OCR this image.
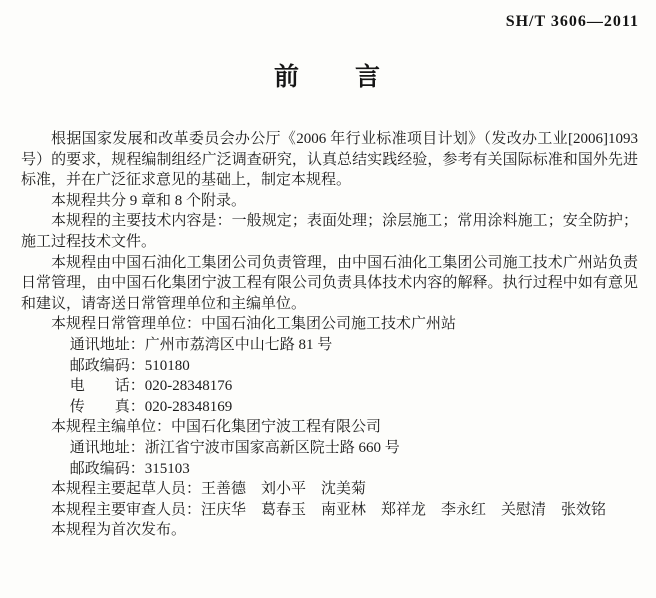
SH/T 3606—2011
前　　言

根据国家发展和改革委员会办公厅《2006 年行业标准项目计划》（发改办工业[2006]1093 号）的要求，规程编制组经广泛调查研究，认真总结实践经验，参考有关国际标准和国外先进标准，并在广泛征求意见的基础上，制定本规程。

本规程共分 9 章和 8 个附录。

本规程的主要技术内容是：一般规定；表面处理；涂层施工；常用涂料施工；安全防护；施工过程技术文件。

本规程由中国石油化工集团公司负责管理，由中国石油化工集团公司施工技术广州站负责日常管理，由中国石化集团宁波工程有限公司负责具体技术内容的解释。执行过程中如有意见和建议，请寄送日常管理单位和主编单位。

本规程日常管理单位：中国石油化工集团公司施工技术广州站

通讯地址：广州市荔湾区中山七路 81 号

邮政编码：510180

电　　话：020-28348176

传　　真：020-28348169

本规程主编单位：中国石化集团宁波工程有限公司

通讯地址：浙江省宁波市国家高新区院士路 660 号

邮政编码：315103

本规程主要起草人员：王善德　刘小平　沈美菊

本规程主要审查人员：汪庆华　葛春玉　南亚林　郑祥龙　李永红　关慰清　张效铭

本规程为首次发布。
